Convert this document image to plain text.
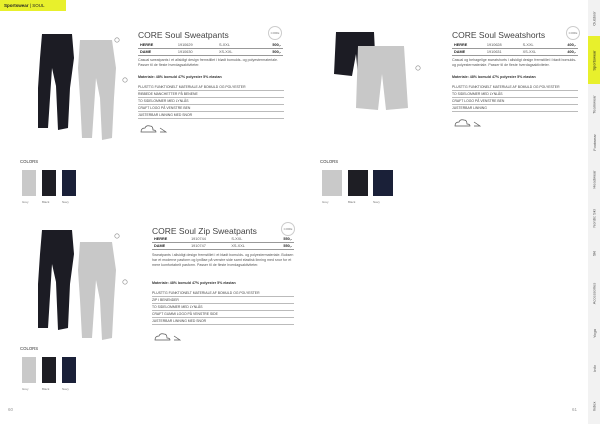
Sportswear | SOUL
Outdoor
Sportswear
Teamwear
Footwear
Headwear
Nordic Ski
Ski
Accessories
Yoga
Info
Index
CORE Soul Sweatpants	CORE
HERRE	1910629	S-XXL	500,-
DAME	1910630	XS-XXL	500,-
Casual sweatpants i et allsidigt design fremstillet i blødt bomulds- og polyestermateriale. Passer til de fleste hverdagsaktiviteter.
Materiale: 48% bomuld 47% polyester 5% elastan
PLUSTTG FUNKTIONELT MATERIALE AF BOMULD OG POLYESTER
RIBBEDE MANCHETTER PÅ BENENE
TO SIDELOMMER MED LYNLÅS
CRAFT LOGO PÅ VENSTRE BEN
JUSTERBAR LINNING MED SNOR
COLORS
Grey	Black	Navy
CORE Soul Sweatshorts	CORE
HERRE	1910628	S-XXL	400,-
DAME	1910631	XS-XXL	400,-
Casual og behagelige sweatshorts i allsidigt design fremstillet i blødt bomulds- og polyestermateriale. Passer til de fleste hverdagsaktiviteter.
Materiale: 48% bomuld 47% polyester 5% elastan
PLUSTTG FUNKTIONELT MATERIALE AF BOMULD OG POLYESTER
TO SIDELOMMER MED LYNLÅS
CRAFT LOGO PÅ VENSTRE BEN
JUSTERBAR LINNING
COLORS
Grey	Black	Navy
CORE Soul Zip Sweatpants	CORE
HERRE	1910744	S-XXL	550,-
DAME	1910747	XS-XXL	550,-
Sweatpants i allsidigt design fremstillet i et blødt bomulds- og polyestermateriale. Buksen har et moderne pasform og lynlåse på venstre side samt elastisk linning med snor for et mere komfortabelt pasform. Passer til de fleste hverdagsaktiviteter.
Materiale: 48% bomuld 47% polyester 5% elastan
PLUSTTG FUNKTIONELT MATERIALE AF BOMULD OG POLYESTER
ZIP I BENENDER
TO SIDELOMMER MED LYNLÅS
CRAFT GUMMI LOGO PÅ VENSTRE SIDE
JUSTERBAR LINNING MED SNOR
COLORS
Grey	Black	Navy
60	61
